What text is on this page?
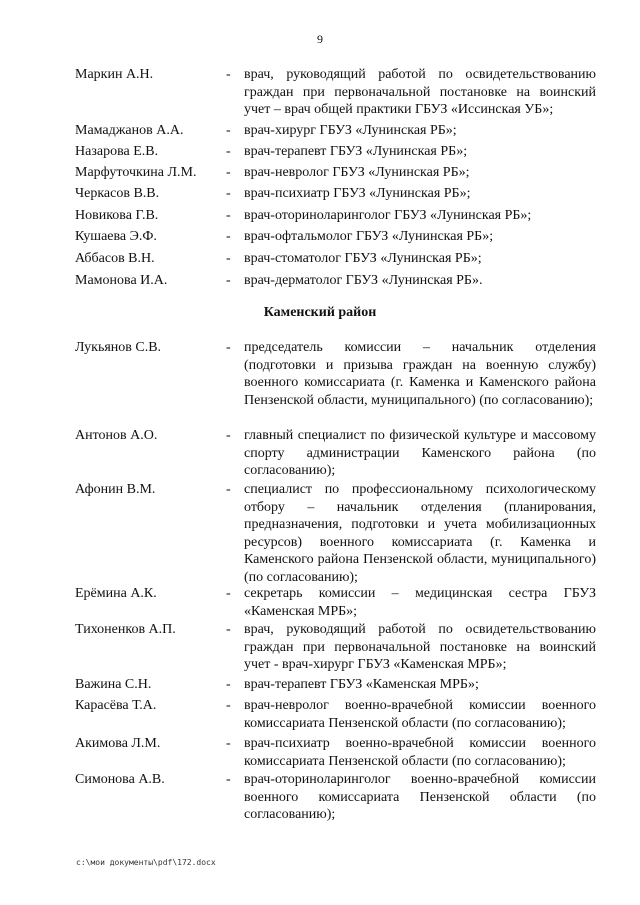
9
Маркин А.Н.	- врач, руководящий работой по освидетельствованию граждан при первоначальной постановке на воинский учет – врач общей практики ГБУЗ «Иссинская УБ»;
Мамаджанов А.А.	- врач-хирург ГБУЗ «Лунинская РБ»;
Назарова Е.В.	- врач-терапевт ГБУЗ «Лунинская РБ»;
Марфуточкина Л.М. - врач-невролог ГБУЗ «Лунинская РБ»;
Черкасов В.В.	- врач-психиатр ГБУЗ «Лунинская РБ»;
Новикова Г.В.	- врач-оториноларинголог ГБУЗ «Лунинская РБ»;
Кушаева Э.Ф.	- врач-офтальмолог ГБУЗ «Лунинская РБ»;
Аббасов В.Н.	- врач-стоматолог ГБУЗ «Лунинская РБ»;
Мамонова И.А.	- врач-дерматолог ГБУЗ «Лунинская РБ».
Каменский район
Лукьянов С.В.	- председатель комиссии – начальник отделения (подготовки и призыва граждан на военную службу) военного комиссариата (г. Каменка и Каменского района Пензенской области, муниципального) (по согласованию);
Антонов А.О.	- главный специалист по физической культуре и массовому спорту администрации Каменского района (по согласованию);
Афонин В.М.	- специалист по профессиональному психологическому отбору – начальник отделения (планирования, предназначения, подготовки и учета мобилизационных ресурсов) военного комиссариата (г. Каменка и Каменского района Пензенской области, муниципального) (по согласованию);
Ерёмина А.К.	- секретарь комиссии – медицинская сестра ГБУЗ «Каменская МРБ»;
Тихоненков А.П.	- врач, руководящий работой по освидетельствованию граждан при первоначальной постановке на воинский учет - врач-хирург ГБУЗ «Каменская МРБ»;
Важина С.Н.	- врач-терапевт ГБУЗ «Каменская МРБ»;
Карасёва Т.А.	- врач-невролог военно-врачебной комиссии военного комиссариата Пензенской области (по согласованию);
Акимова Л.М.	- врач-психиатр военно-врачебной комиссии военного комиссариата Пензенской области (по согласованию);
Симонова А.В.	- врач-оториноларинголог военно-врачебной комиссии военного комиссариата Пензенской области (по согласованию);
c:\мои документы\pdf\172.docx
